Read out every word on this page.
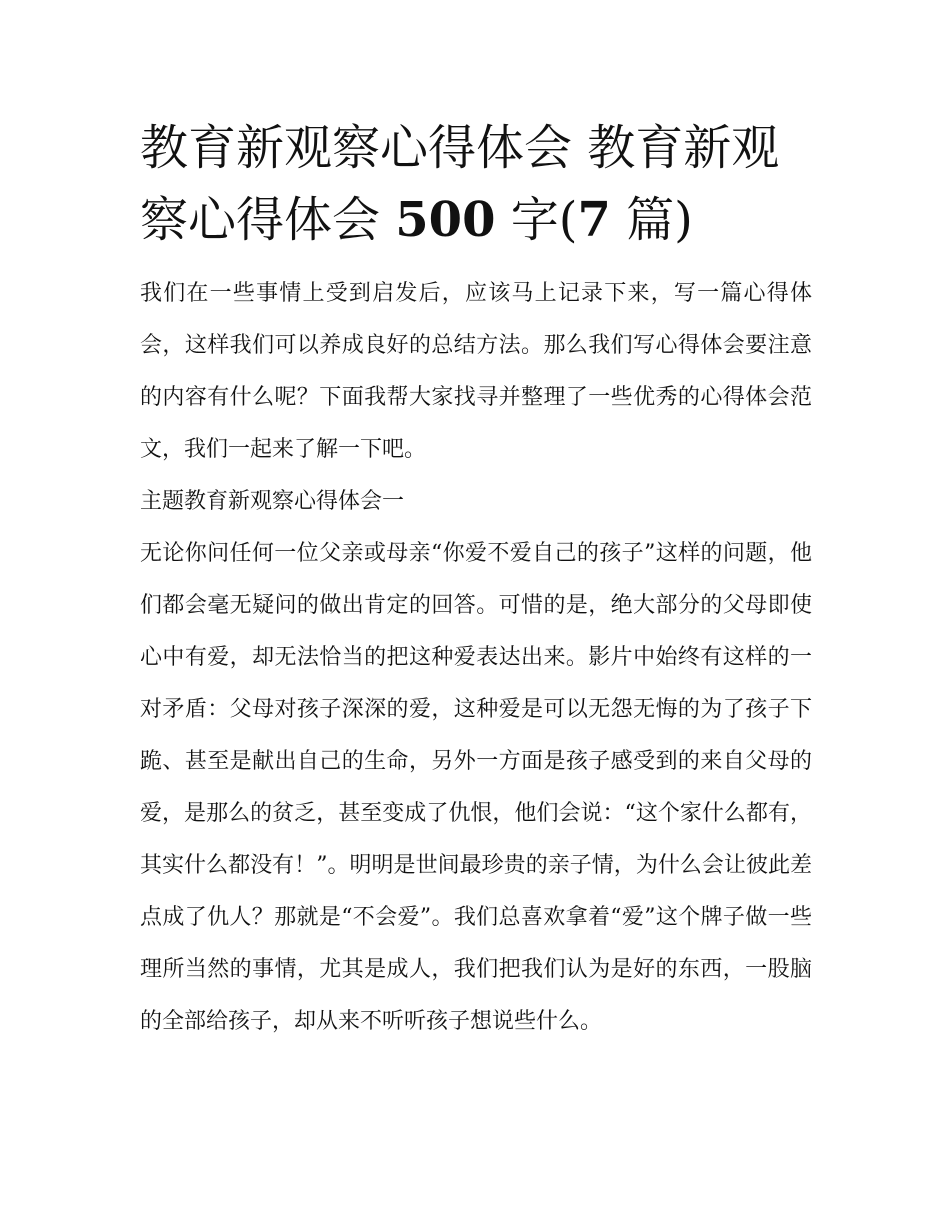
教育新观察心得体会 教育新观察心得体会 500 字(7 篇)

我们在一些事情上受到启发后，应该马上记录下来，写一篇心得体会，这样我们可以养成良好的总结方法。那么我们写心得体会要注意的内容有什么呢？下面我帮大家找寻并整理了一些优秀的心得体会范文，我们一起来了解一下吧。

主题教育新观察心得体会一

无论你问任何一位父亲或母亲“你爱不爱自己的孩子”这样的问题，他们都会毫无疑问的做出肯定的回答。可惜的是，绝大部分的父母即使心中有爱，却无法恰当的把这种爱表达出来。影片中始终有这样的一对矛盾：父母对孩子深深的爱，这种爱是可以无怨无悔的为了孩子下跪、甚至是献出自己的生命，另外一方面是孩子感受到的来自父母的爱，是那么的贫乏，甚至变成了仇恨，他们会说：“这个家什么都有，其实什么都没有！”。明明是世间最珍贵的亲子情，为什么会让彼此差点成了仇人？那就是“不会爱”。我们总喜欢拿着“爱”这个牌子做一些理所当然的事情，尤其是成人，我们把我们认为是好的东西，一股脑的全部给孩子，却从来不听听孩子想说些什么。
